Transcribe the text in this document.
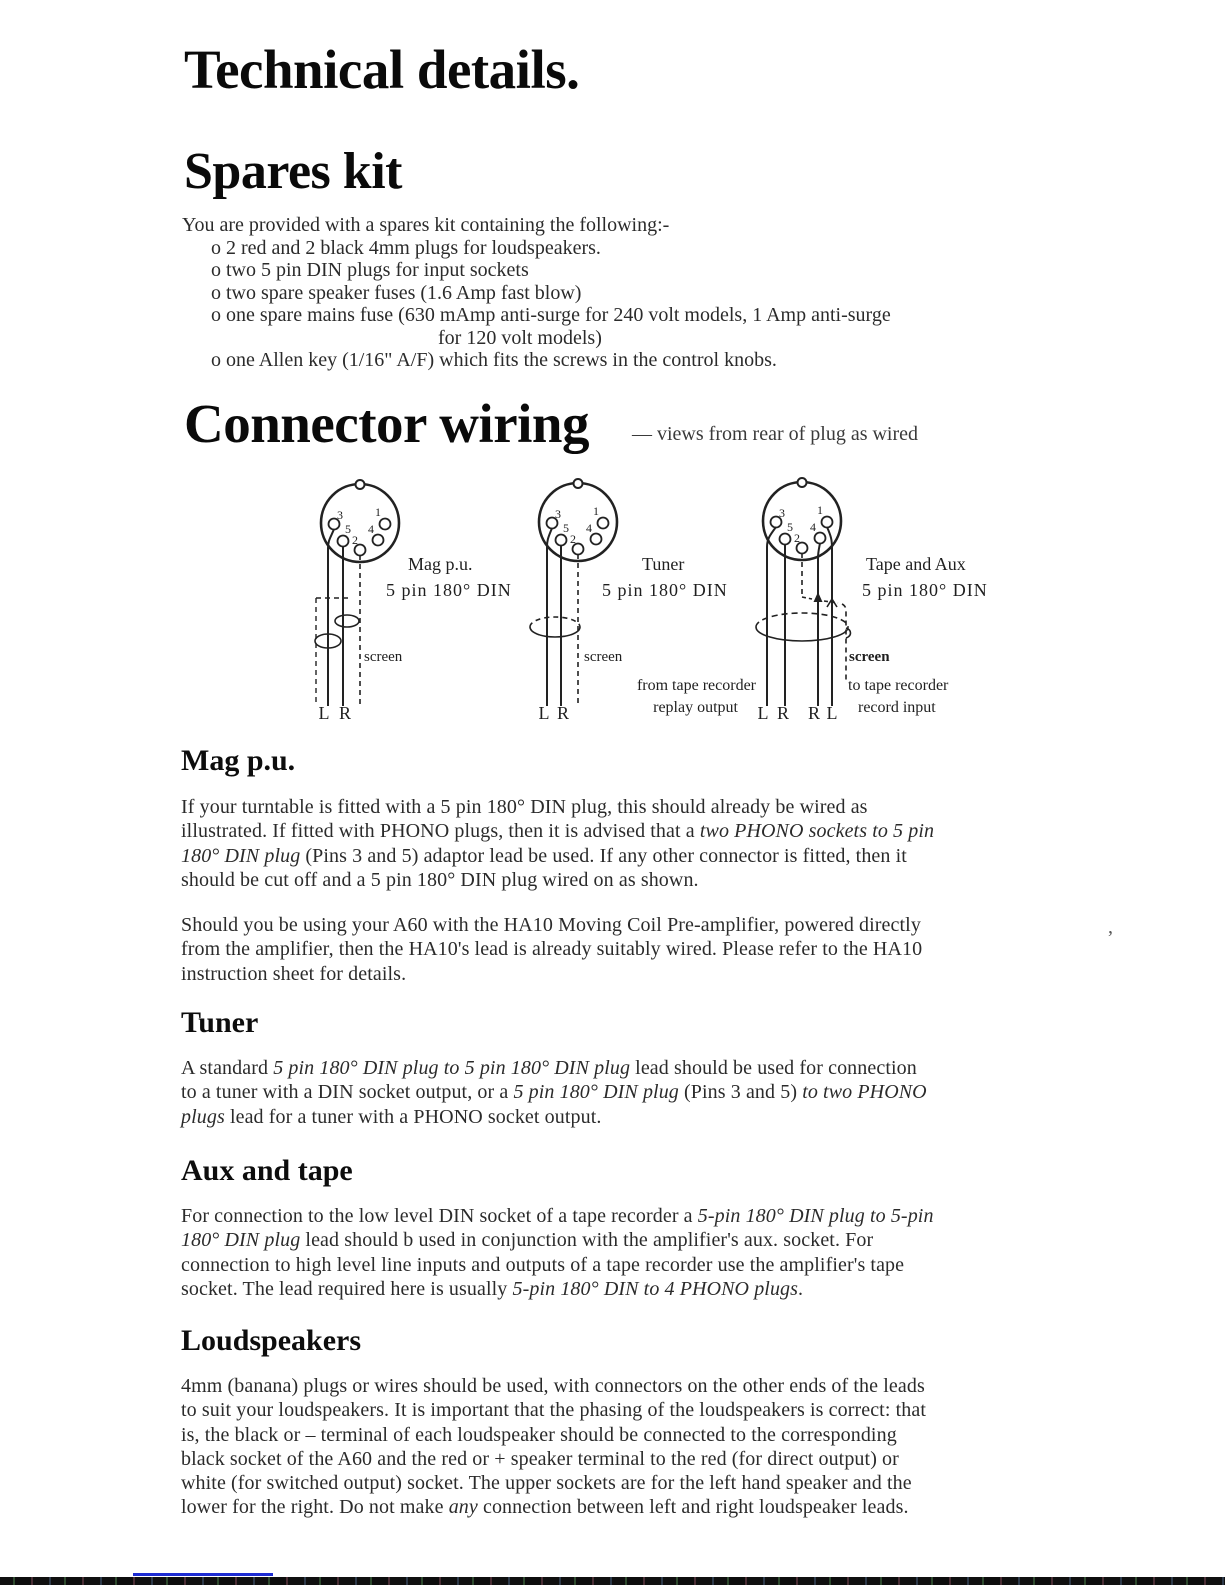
Technical details.
Spares kit
You are provided with a spares kit containing the following:-
o 2 red and 2 black 4mm plugs for loudspeakers.
o two 5 pin DIN plugs for input sockets
o two spare speaker fuses (1.6 Amp fast blow)
o one spare mains fuse (630 mAmp anti-surge for 240 volt models, 1 Amp anti-surge
for 120 volt models)
o one Allen key (1/16" A/F) which fits the screws in the control knobs.
Connector wiring — views from rear of plug as wired
3
5
2
4
1
Mag p.u.
5 pin 180° DIN
screen
L R
3
5
2
4
1
Tuner
5 pin 180° DIN
screen
L R
3
5
2
4
1
Tape and Aux
5 pin 180° DIN
screen
from tape recorder
replay output
to tape recorder
record input
L R R L
Mag p.u.
If your turntable is fitted with a 5 pin 180° DIN plug, this should already be wired as
illustrated. If fitted with PHONO plugs, then it is advised that a two PHONO sockets to 5 pin
180° DIN plug (Pins 3 and 5) adaptor lead be used. If any other connector is fitted, then it
should be cut off and a 5 pin 180° DIN plug wired on as shown.
Should you be using your A60 with the HA10 Moving Coil Pre-amplifier, powered directly
from the amplifier, then the HA10's lead is already suitably wired. Please refer to the HA10
instruction sheet for details.
Tuner
A standard 5 pin 180° DIN plug to 5 pin 180° DIN plug lead should be used for connection
to a tuner with a DIN socket output, or a 5 pin 180° DIN plug (Pins 3 and 5) to two PHONO
plugs lead for a tuner with a PHONO socket output.
Aux and tape
For connection to the low level DIN socket of a tape recorder a 5-pin 180° DIN plug to 5-pin
180° DIN plug lead should b used in conjunction with the amplifier's aux. socket. For
connection to high level line inputs and outputs of a tape recorder use the amplifier's tape
socket. The lead required here is usually 5-pin 180° DIN to 4 PHONO plugs.
Loudspeakers
4mm (banana) plugs or wires should be used, with connectors on the other ends of the leads
to suit your loudspeakers. It is important that the phasing of the loudspeakers is correct: that
is, the black or – terminal of each loudspeaker should be connected to the corresponding
black socket of the A60 and the red or + speaker terminal to the red (for direct output) or
white (for switched output) socket. The upper sockets are for the left hand speaker and the
lower for the right. Do not make any connection between left and right loudspeaker leads.
,
